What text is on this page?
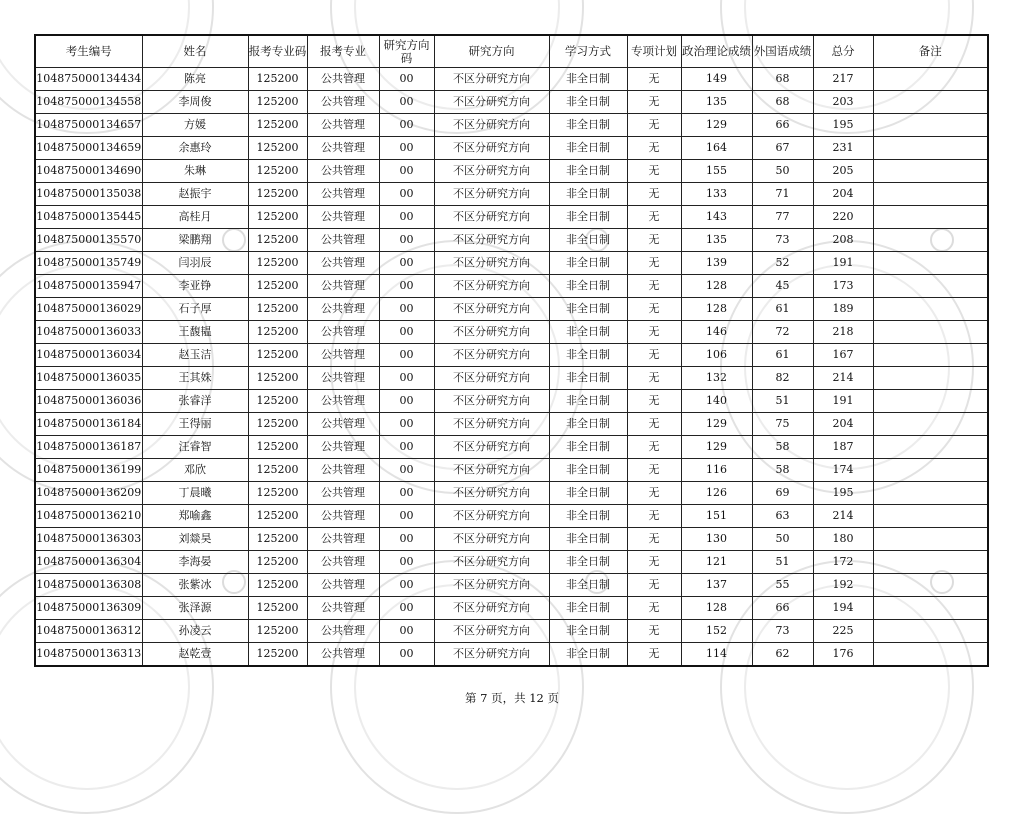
考生编号	姓名	报考专业码	报考专业	研究方向码	研究方向	学习方式	专项计划	政治理论成绩	外国语成绩	总分	备注
104875000134434	陈亮	125200	公共管理	00	不区分研究方向	非全日制	无	149	68	217	
104875000134558	李周俊	125200	公共管理	00	不区分研究方向	非全日制	无	135	68	203	
104875000134657	方媛	125200	公共管理	00	不区分研究方向	非全日制	无	129	66	195	
104875000134659	余惠玲	125200	公共管理	00	不区分研究方向	非全日制	无	164	67	231	
104875000134690	朱琳	125200	公共管理	00	不区分研究方向	非全日制	无	155	50	205	
104875000135038	赵振宇	125200	公共管理	00	不区分研究方向	非全日制	无	133	71	204	
104875000135445	高桂月	125200	公共管理	00	不区分研究方向	非全日制	无	143	77	220	
104875000135570	梁鹏翔	125200	公共管理	00	不区分研究方向	非全日制	无	135	73	208	
104875000135749	闫羽辰	125200	公共管理	00	不区分研究方向	非全日制	无	139	52	191	
104875000135947	李亚铮	125200	公共管理	00	不区分研究方向	非全日制	无	128	45	173	
104875000136029	石子厚	125200	公共管理	00	不区分研究方向	非全日制	无	128	61	189	
104875000136033	王馥韫	125200	公共管理	00	不区分研究方向	非全日制	无	146	72	218	
104875000136034	赵玉洁	125200	公共管理	00	不区分研究方向	非全日制	无	106	61	167	
104875000136035	王其姝	125200	公共管理	00	不区分研究方向	非全日制	无	132	82	214	
104875000136036	张睿洋	125200	公共管理	00	不区分研究方向	非全日制	无	140	51	191	
104875000136184	王得丽	125200	公共管理	00	不区分研究方向	非全日制	无	129	75	204	
104875000136187	汪睿智	125200	公共管理	00	不区分研究方向	非全日制	无	129	58	187	
104875000136199	邓欣	125200	公共管理	00	不区分研究方向	非全日制	无	116	58	174	
104875000136209	丁晨曦	125200	公共管理	00	不区分研究方向	非全日制	无	126	69	195	
104875000136210	郑喻鑫	125200	公共管理	00	不区分研究方向	非全日制	无	151	63	214	
104875000136303	刘燚昊	125200	公共管理	00	不区分研究方向	非全日制	无	130	50	180	
104875000136304	李海晏	125200	公共管理	00	不区分研究方向	非全日制	无	121	51	172	
104875000136308	张紫冰	125200	公共管理	00	不区分研究方向	非全日制	无	137	55	192	
104875000136309	张泽源	125200	公共管理	00	不区分研究方向	非全日制	无	128	66	194	
104875000136312	孙凌云	125200	公共管理	00	不区分研究方向	非全日制	无	152	73	225	
104875000136313	赵乾壹	125200	公共管理	00	不区分研究方向	非全日制	无	114	62	176	
第 7 页，共 12 页
